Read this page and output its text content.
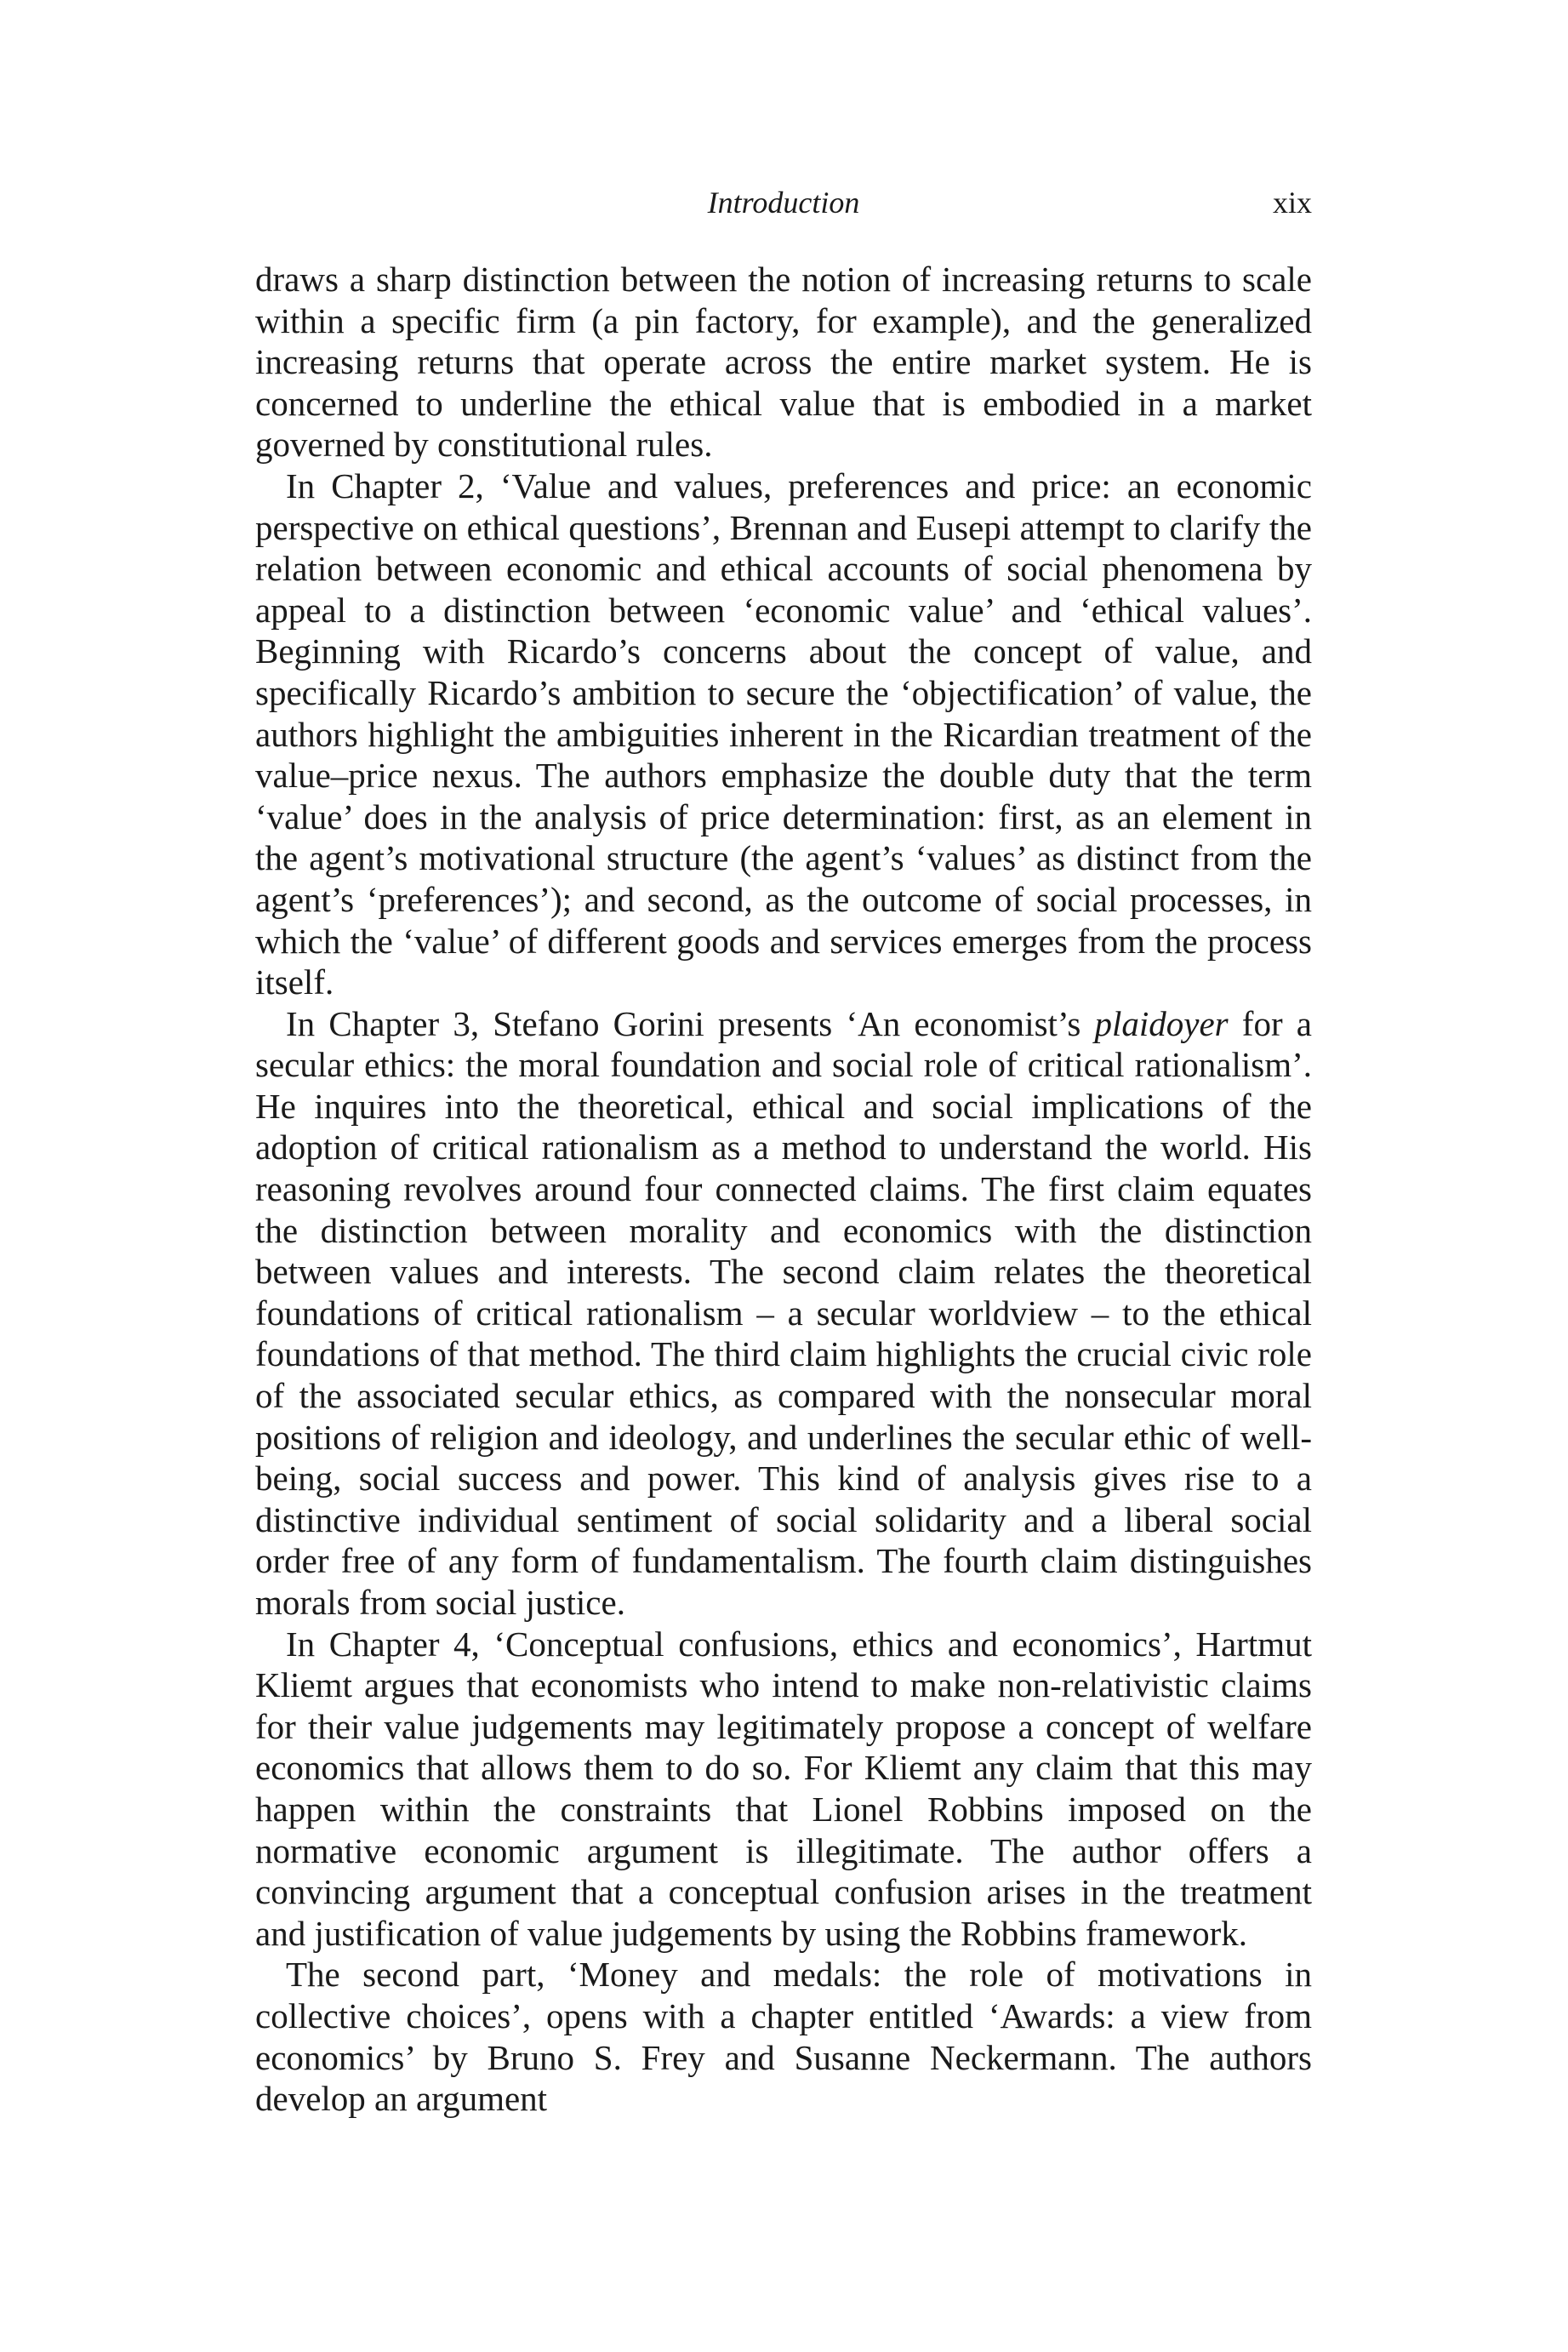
Introduction	xix

draws a sharp distinction between the notion of increasing returns to scale within a specific firm (a pin factory, for example), and the generalized increasing returns that operate across the entire market system. He is concerned to underline the ethical value that is embodied in a market governed by constitutional rules.

In Chapter 2, ‘Value and values, preferences and price: an economic perspective on ethical questions’, Brennan and Eusepi attempt to clarify the relation between economic and ethical accounts of social phenomena by appeal to a distinction between ‘economic value’ and ‘ethical values’. Beginning with Ricardo’s concerns about the concept of value, and specifically Ricardo’s ambition to secure the ‘objectification’ of value, the authors highlight the ambiguities inherent in the Ricardian treatment of the value–price nexus. The authors emphasize the double duty that the term ‘value’ does in the analysis of price determination: first, as an element in the agent’s motivational structure (the agent’s ‘values’ as distinct from the agent’s ‘preferences’); and second, as the outcome of social processes, in which the ‘value’ of different goods and services emerges from the process itself.

In Chapter 3, Stefano Gorini presents ‘An economist’s plaidoyer for a secular ethics: the moral foundation and social role of critical rationalism’. He inquires into the theoretical, ethical and social implications of the adoption of critical rationalism as a method to understand the world. His reasoning revolves around four connected claims. The first claim equates the distinction between morality and economics with the distinction between values and interests. The second claim relates the theoretical foundations of critical rationalism – a secular worldview – to the ethical foundations of that method. The third claim highlights the crucial civic role of the associated secular ethics, as compared with the nonsecular moral positions of religion and ideology, and underlines the secular ethic of well-being, social success and power. This kind of analysis gives rise to a distinctive individual sentiment of social solidarity and a liberal social order free of any form of fundamentalism. The fourth claim distinguishes morals from social justice.

In Chapter 4, ‘Conceptual confusions, ethics and economics’, Hartmut Kliemt argues that economists who intend to make non-relativistic claims for their value judgements may legitimately propose a concept of welfare economics that allows them to do so. For Kliemt any claim that this may happen within the constraints that Lionel Robbins imposed on the normative economic argument is illegitimate. The author offers a convincing argument that a conceptual confusion arises in the treatment and justification of value judgements by using the Robbins framework.

The second part, ‘Money and medals: the role of motivations in collective choices’, opens with a chapter entitled ‘Awards: a view from economics’ by Bruno S. Frey and Susanne Neckermann. The authors develop an argument
